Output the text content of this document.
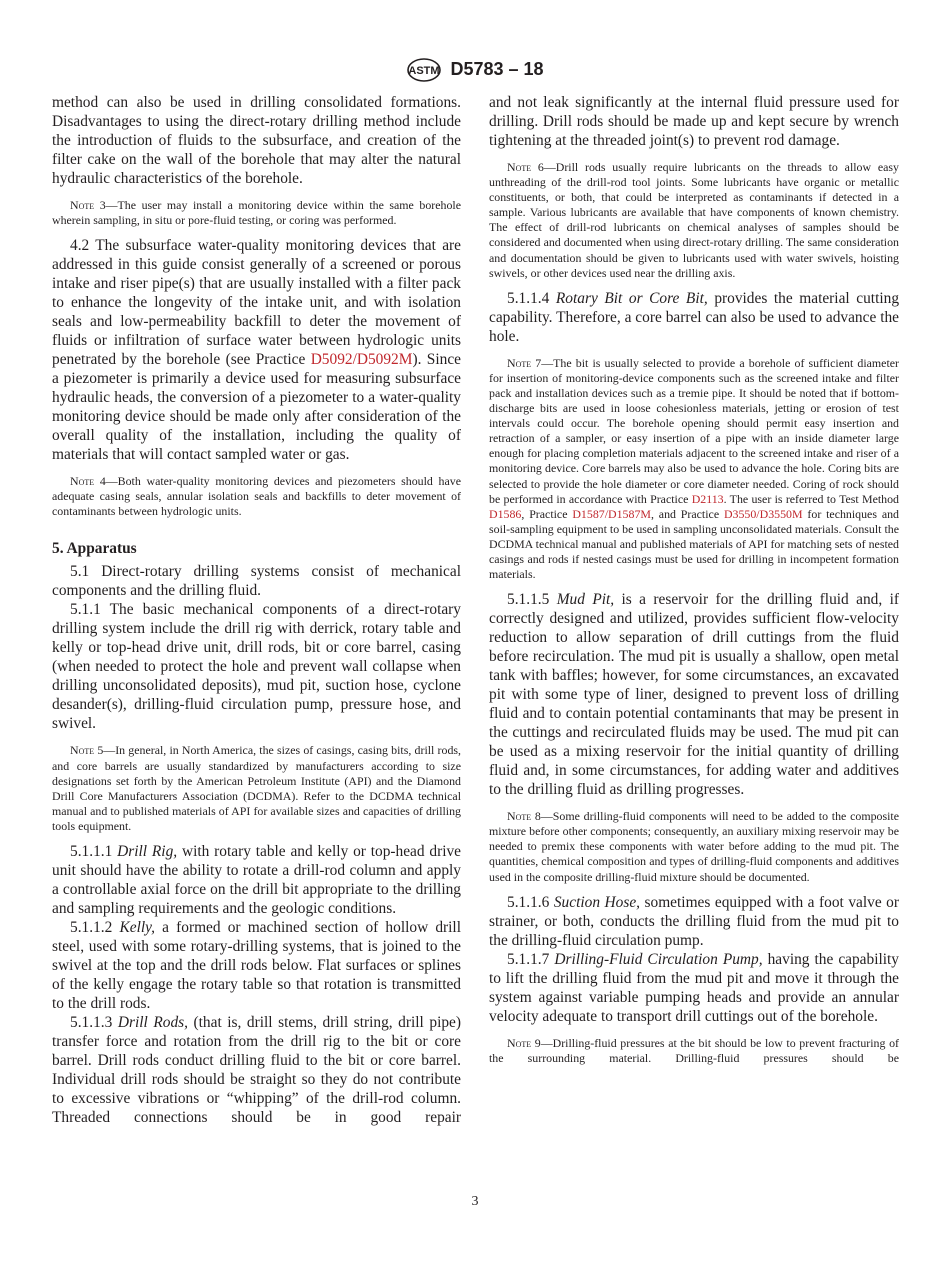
ASTM D5783 – 18
method can also be used in drilling consolidated formations. Disadvantages to using the direct-rotary drilling method include the introduction of fluids to the subsurface, and creation of the filter cake on the wall of the borehole that may alter the natural hydraulic characteristics of the borehole.
Note 3—The user may install a monitoring device within the same borehole wherein sampling, in situ or pore-fluid testing, or coring was performed.
4.2 The subsurface water-quality monitoring devices that are addressed in this guide consist generally of a screened or porous intake and riser pipe(s) that are usually installed with a filter pack to enhance the longevity of the intake unit, and with isolation seals and low-permeability backfill to deter the movement of fluids or infiltration of surface water between hydrologic units penetrated by the borehole (see Practice D5092/D5092M). Since a piezometer is primarily a device used for measuring subsurface hydraulic heads, the conversion of a piezometer to a water-quality monitoring device should be made only after consideration of the overall quality of the installation, including the quality of materials that will contact sampled water or gas.
Note 4—Both water-quality monitoring devices and piezometers should have adequate casing seals, annular isolation seals and backfills to deter movement of contaminants between hydrologic units.
5. Apparatus
5.1 Direct-rotary drilling systems consist of mechanical components and the drilling fluid.
5.1.1 The basic mechanical components of a direct-rotary drilling system include the drill rig with derrick, rotary table and kelly or top-head drive unit, drill rods, bit or core barrel, casing (when needed to protect the hole and prevent wall collapse when drilling unconsolidated deposits), mud pit, suction hose, cyclone desander(s), drilling-fluid circulation pump, pressure hose, and swivel.
Note 5—In general, in North America, the sizes of casings, casing bits, drill rods, and core barrels are usually standardized by manufacturers according to size designations set forth by the American Petroleum Institute (API) and the Diamond Drill Core Manufacturers Association (DCDMA). Refer to the DCDMA technical manual and to published materials of API for available sizes and capacities of drilling tools equipment.
5.1.1.1 Drill Rig, with rotary table and kelly or top-head drive unit should have the ability to rotate a drill-rod column and apply a controllable axial force on the drill bit appropriate to the drilling and sampling requirements and the geologic conditions.
5.1.1.2 Kelly, a formed or machined section of hollow drill steel, used with some rotary-drilling systems, that is joined to the swivel at the top and the drill rods below. Flat surfaces or splines of the kelly engage the rotary table so that rotation is transmitted to the drill rods.
5.1.1.3 Drill Rods, (that is, drill stems, drill string, drill pipe) transfer force and rotation from the drill rig to the bit or core barrel. Drill rods conduct drilling fluid to the bit or core barrel. Individual drill rods should be straight so they do not contribute to excessive vibrations or “whipping” of the drill-rod column. Threaded connections should be in good repair
and not leak significantly at the internal fluid pressure used for drilling. Drill rods should be made up and kept secure by wrench tightening at the threaded joint(s) to prevent rod damage.
Note 6—Drill rods usually require lubricants on the threads to allow easy unthreading of the drill-rod tool joints. Some lubricants have organic or metallic constituents, or both, that could be interpreted as contaminants if detected in a sample. Various lubricants are available that have components of known chemistry. The effect of drill-rod lubricants on chemical analyses of samples should be considered and documented when using direct-rotary drilling. The same consideration and documentation should be given to lubricants used with water swivels, hoisting swivels, or other devices used near the drilling axis.
5.1.1.4 Rotary Bit or Core Bit, provides the material cutting capability. Therefore, a core barrel can also be used to advance the hole.
Note 7—The bit is usually selected to provide a borehole of sufficient diameter for insertion of monitoring-device components such as the screened intake and filter pack and installation devices such as a tremie pipe. It should be noted that if bottom-discharge bits are used in loose cohesionless materials, jetting or erosion of test intervals could occur. The borehole opening should permit easy insertion and retraction of a sampler, or easy insertion of a pipe with an inside diameter large enough for placing completion materials adjacent to the screened intake and riser of a monitoring device. Core barrels may also be used to advance the hole. Coring bits are selected to provide the hole diameter or core diameter needed. Coring of rock should be performed in accordance with Practice D2113. The user is referred to Test Method D1586, Practice D1587/D1587M, and Practice D3550/D3550M for techniques and soil-sampling equipment to be used in sampling unconsolidated materials. Consult the DCDMA technical manual and published materials of API for matching sets of nested casings and rods if nested casings must be used for drilling in incompetent formation materials.
5.1.1.5 Mud Pit, is a reservoir for the drilling fluid and, if correctly designed and utilized, provides sufficient flow-velocity reduction to allow separation of drill cuttings from the fluid before recirculation. The mud pit is usually a shallow, open metal tank with baffles; however, for some circumstances, an excavated pit with some type of liner, designed to prevent loss of drilling fluid and to contain potential contaminants that may be present in the cuttings and recirculated fluids may be used. The mud pit can be used as a mixing reservoir for the initial quantity of drilling fluid and, in some circumstances, for adding water and additives to the drilling fluid as drilling progresses.
Note 8—Some drilling-fluid components will need to be added to the composite mixture before other components; consequently, an auxiliary mixing reservoir may be needed to premix these components with water before adding to the mud pit. The quantities, chemical composition and types of drilling-fluid components and additives used in the composite drilling-fluid mixture should be documented.
5.1.1.6 Suction Hose, sometimes equipped with a foot valve or strainer, or both, conducts the drilling fluid from the mud pit to the drilling-fluid circulation pump.
5.1.1.7 Drilling-Fluid Circulation Pump, having the capability to lift the drilling fluid from the mud pit and move it through the system against variable pumping heads and provide an annular velocity adequate to transport drill cuttings out of the borehole.
Note 9—Drilling-fluid pressures at the bit should be low to prevent fracturing of the surrounding material. Drilling-fluid pressures should be
3
